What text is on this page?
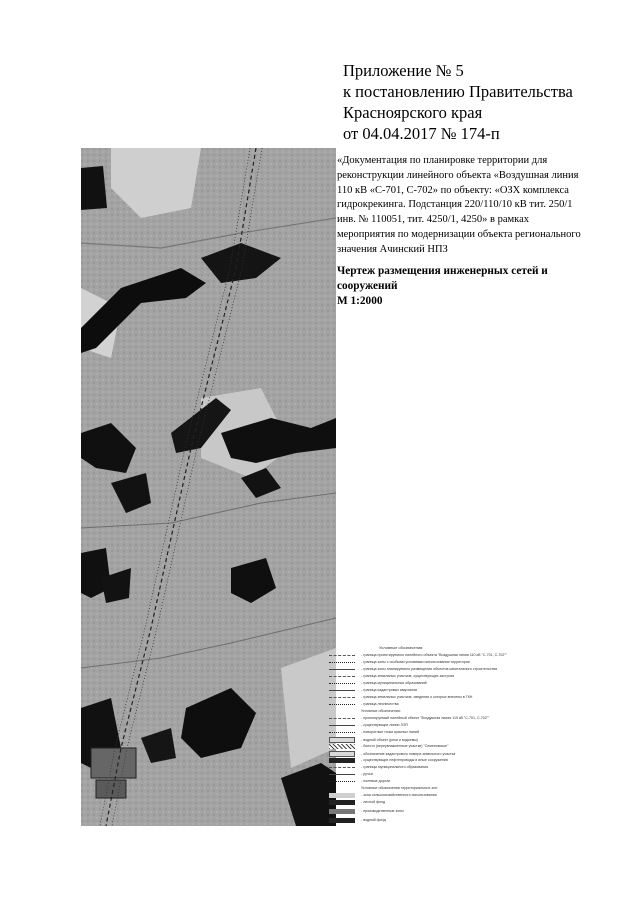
Приложение № 5
к постановлению Правительства
Красноярского края
от 04.04.2017 № 174-п
«Документация по планировке территории для реконструкции линейного объекта «Воздушная линия 110 кВ «С-701, С-702» по объекту: «ОЗХ комплекса гидрокрекинга. Подстанция 220/110/10 кВ тит. 250/1 инв. № 110051, тит. 4250/1, 4250» в рамках мероприятия по модернизации объекта регионального значения Ачинский НПЗ
Чертеж размещения инженерных сетей и сооружений
М 1:2000
Условные обозначения:
- граница проектируемого линейного объекта "Воздушная линия 110 кВ "С-701, С-702""
- граница зоны с особыми условиями использования территории
- граница зоны планируемого размещения объектов капитального строительства
- граница земельных участков, существующих застроек
- граница муниципальных образований
- граница кадастровых кварталов
- граница земельных участков, сведения о которых внесены в ГКН
- граница лесничества
Условные обозначения:
- проектируемый линейный объект "Воздушная линия 110 кВ "С-701, С-702""
- существующие линии ЛЭП
- поворотные точки красных линий
- водный объект (реки и водоемы)
- болото (переувлажненные участки) "Семеновское"
- обозначение кадастрового номера земельного участка
- существующие нефтепроводы и иные сооружения
- границы муниципального образования
- ручьи
- полевые дороги
Условные обозначения территориальных зон:
- зона сельскохозяйственного использования
- лесной фонд
- производственные зоны
- водный фонд
